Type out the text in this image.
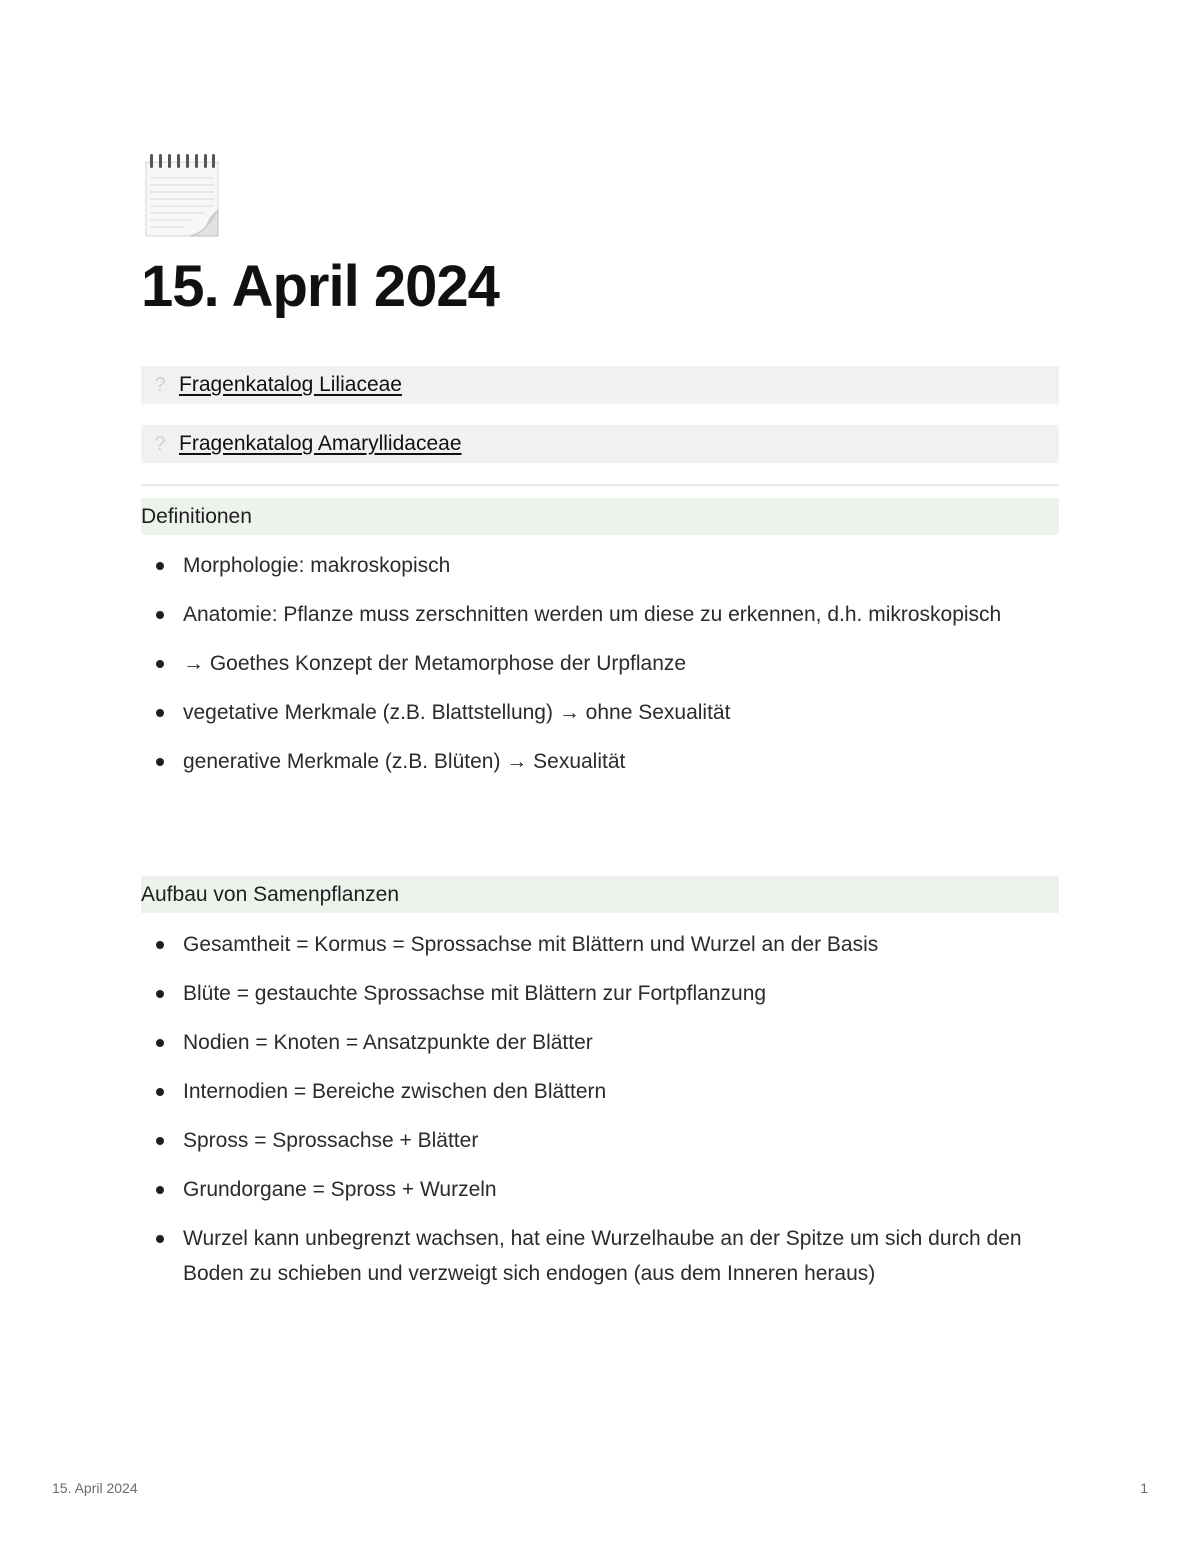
15. April 2024
? Fragenkatalog Liliaceae
? Fragenkatalog Amaryllidaceae
Definitionen
Morphologie: makroskopisch
Anatomie: Pflanze muss zerschnitten werden um diese zu erkennen, d.h. mikroskopisch
→ Goethes Konzept der Metamorphose der Urpflanze
vegetative Merkmale (z.B. Blattstellung) → ohne Sexualität
generative Merkmale (z.B. Blüten) → Sexualität
Aufbau von Samenpflanzen
Gesamtheit = Kormus = Sprossachse mit Blättern und Wurzel an der Basis
Blüte = gestauchte Sprossachse mit Blättern zur Fortpflanzung
Nodien = Knoten = Ansatzpunkte der Blätter
Internodien = Bereiche zwischen den Blättern
Spross = Sprossachse + Blätter
Grundorgane = Spross + Wurzeln
Wurzel kann unbegrenzt wachsen, hat eine Wurzelhaube an der Spitze um sich durch den Boden zu schieben und verzweigt sich endogen (aus dem Inneren heraus)
15. April 2024	1
